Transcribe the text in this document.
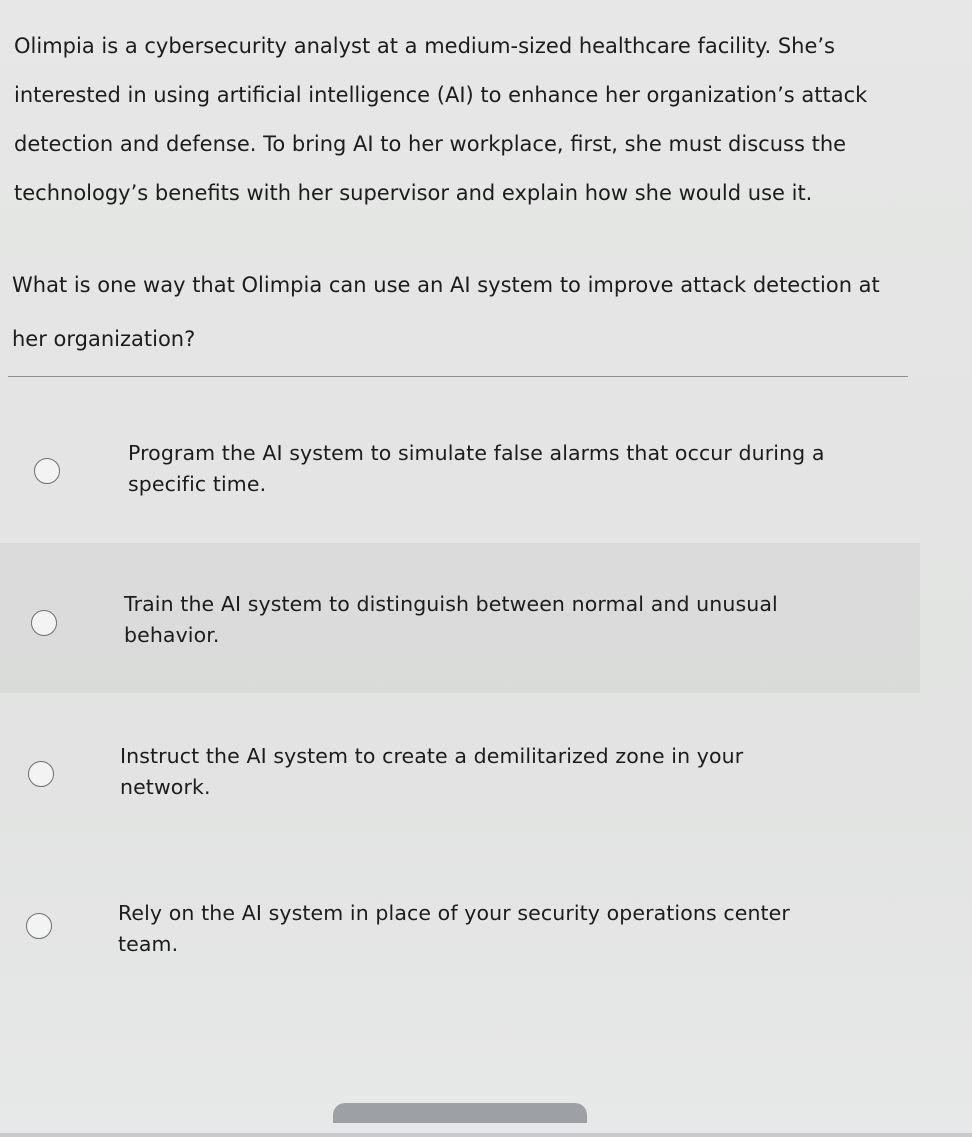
Olimpia is a cybersecurity analyst at a medium-sized healthcare facility. She’s interested in using artificial intelligence (AI) to enhance her organization’s attack detection and defense. To bring AI to her workplace, first, she must discuss the technology’s benefits with her supervisor and explain how she would use it.

What is one way that Olimpia can use an AI system to improve attack detection at her organization?

Program the AI system to simulate false alarms that occur during a specific time.
Train the AI system to distinguish between normal and unusual behavior.
Instruct the AI system to create a demilitarized zone in your network.
Rely on the AI system in place of your security operations center team.
